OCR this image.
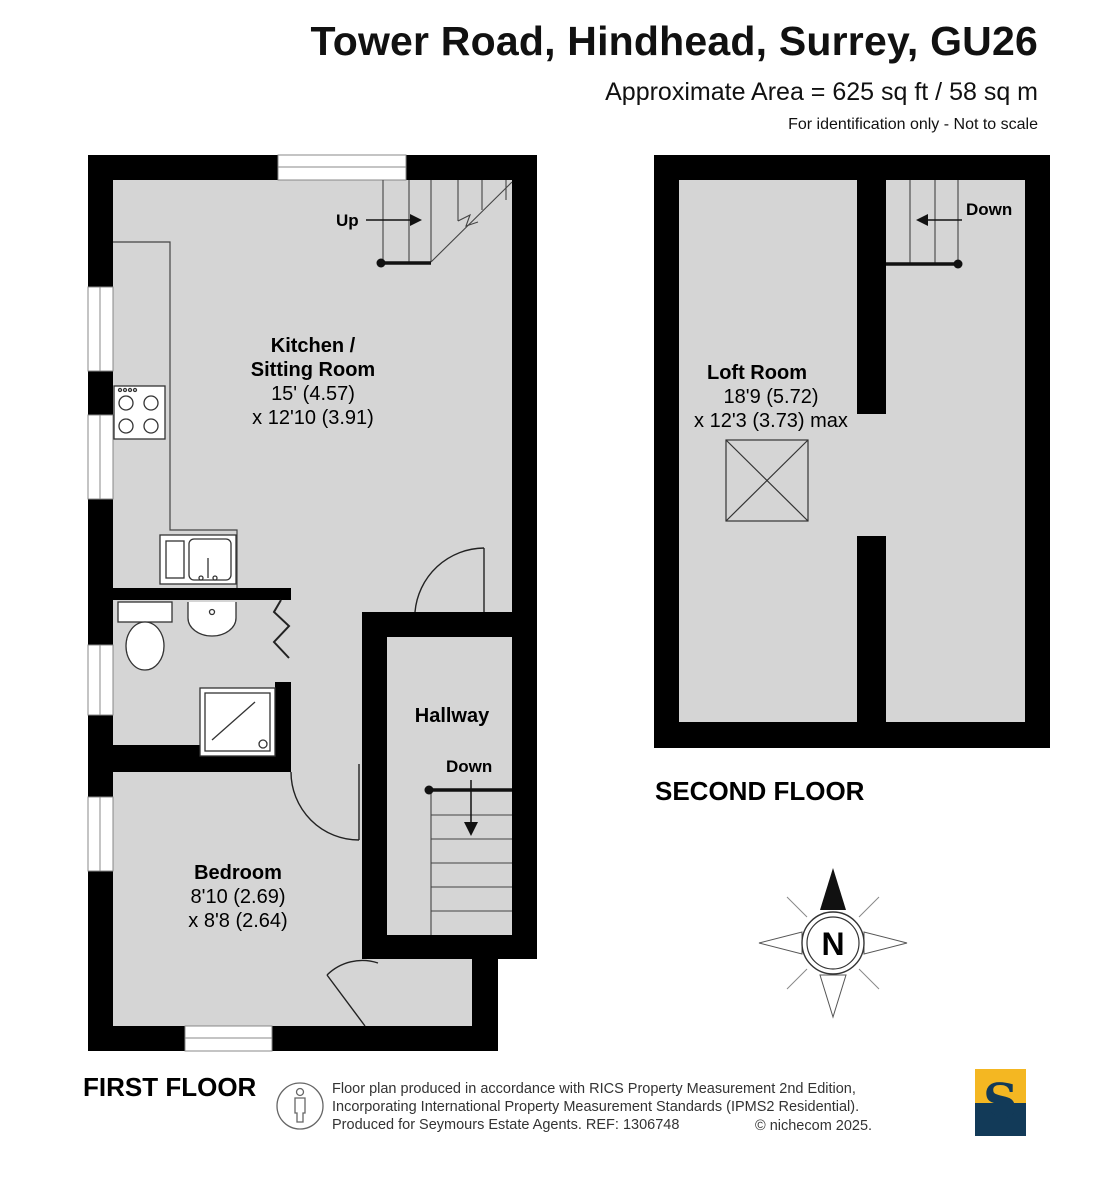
Tower Road, Hindhead, Surrey, GU26
Approximate Area = 625 sq ft / 58 sq m
For identification only - Not to scale
Up
Down
Hallway
Kitchen /
Sitting Room
15' (4.57)
x 12'10 (3.91)
Bedroom
8'10 (2.69)
x 8'8 (2.64)
FIRST FLOOR
Down
Loft Room
18'9 (5.72)
x 12'3 (3.73) max
SECOND FLOOR
N
Floor plan produced in accordance with RICS Property Measurement 2nd Edition,
Incorporating International Property Measurement Standards (IPMS2 Residential).
Produced for Seymours Estate Agents. REF: 1306748	© nichecom 2025. S
